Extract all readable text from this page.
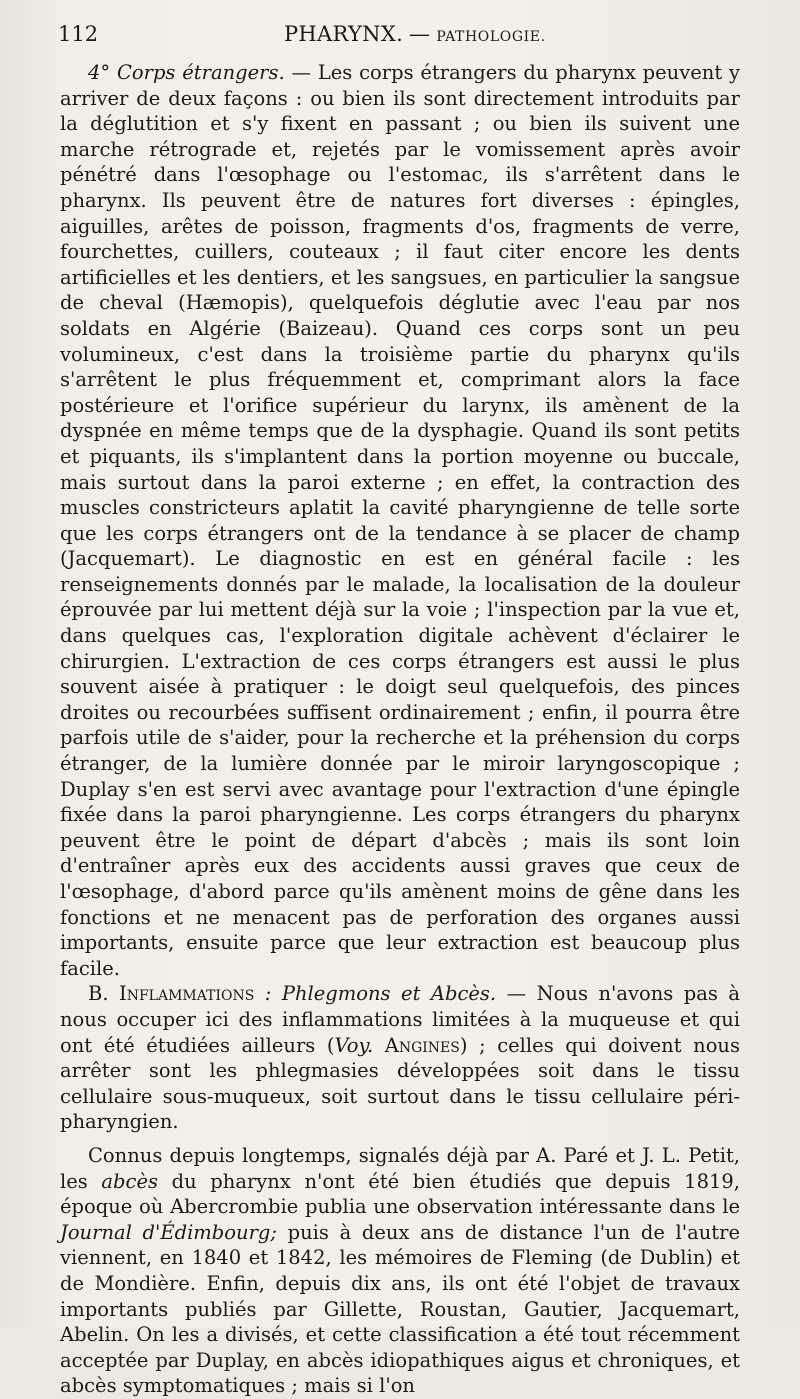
112	PHARYNX. — PATHOLOGIE.

4° Corps étrangers. — Les corps étrangers du pharynx peuvent y arriver de deux façons : ou bien ils sont directement introduits par la déglutition et s'y fixent en passant ; ou bien ils suivent une marche rétrograde et, rejetés par le vomissement après avoir pénétré dans l'œsophage ou l'estomac, ils s'arrêtent dans le pharynx. Ils peuvent être de natures fort diverses : épingles, aiguilles, arêtes de poisson, fragments d'os, fragments de verre, fourchettes, cuillers, couteaux ; il faut citer encore les dents artificielles et les dentiers, et les sangsues, en particulier la sangsue de cheval (Hæmopis), quelquefois déglutie avec l'eau par nos soldats en Algérie (Baizeau). Quand ces corps sont un peu volumineux, c'est dans la troisième partie du pharynx qu'ils s'arrêtent le plus fréquemment et, comprimant alors la face postérieure et l'orifice supérieur du larynx, ils amènent de la dyspnée en même temps que de la dysphagie. Quand ils sont petits et piquants, ils s'implantent dans la portion moyenne ou buccale, mais surtout dans la paroi externe ; en effet, la contraction des muscles constricteurs aplatit la cavité pharyngienne de telle sorte que les corps étrangers ont de la tendance à se placer de champ (Jacquemart). Le diagnostic en est en général facile : les renseignements donnés par le malade, la localisation de la douleur éprouvée par lui mettent déjà sur la voie ; l'inspection par la vue et, dans quelques cas, l'exploration digitale achèvent d'éclairer le chirurgien. L'extraction de ces corps étrangers est aussi le plus souvent aisée à pratiquer : le doigt seul quelquefois, des pinces droites ou recourbées suffisent ordinairement ; enfin, il pourra être parfois utile de s'aider, pour la recherche et la préhension du corps étranger, de la lumière donnée par le miroir laryngoscopique ; Duplay s'en est servi avec avantage pour l'extraction d'une épingle fixée dans la paroi pharyngienne. Les corps étrangers du pharynx peuvent être le point de départ d'abcès ; mais ils sont loin d'entraîner après eux des accidents aussi graves que ceux de l'œsophage, d'abord parce qu'ils amènent moins de gêne dans les fonctions et ne menacent pas de perforation des organes aussi importants, ensuite parce que leur extraction est beaucoup plus facile.

B. Inflammations : Phlegmons et Abcès. — Nous n'avons pas à nous occuper ici des inflammations limitées à la muqueuse et qui ont été étudiées ailleurs (Voy. Angines) ; celles qui doivent nous arrêter sont les phlegmasies développées soit dans le tissu cellulaire sous-muqueux, soit surtout dans le tissu cellulaire péri-pharyngien.

Connus depuis longtemps, signalés déjà par A. Paré et J. L. Petit, les abcès du pharynx n'ont été bien étudiés que depuis 1819, époque où Abercrombie publia une observation intéressante dans le Journal d'Édimbourg; puis à deux ans de distance l'un de l'autre viennent, en 1840 et 1842, les mémoires de Fleming (de Dublin) et de Mondière. Enfin, depuis dix ans, ils ont été l'objet de travaux importants publiés par Gillette, Roustan, Gautier, Jacquemart, Abelin. On les a divisés, et cette classification a été tout récemment acceptée par Duplay, en abcès idiopathiques aigus et chroniques, et abcès symptomatiques ; mais si l'on
